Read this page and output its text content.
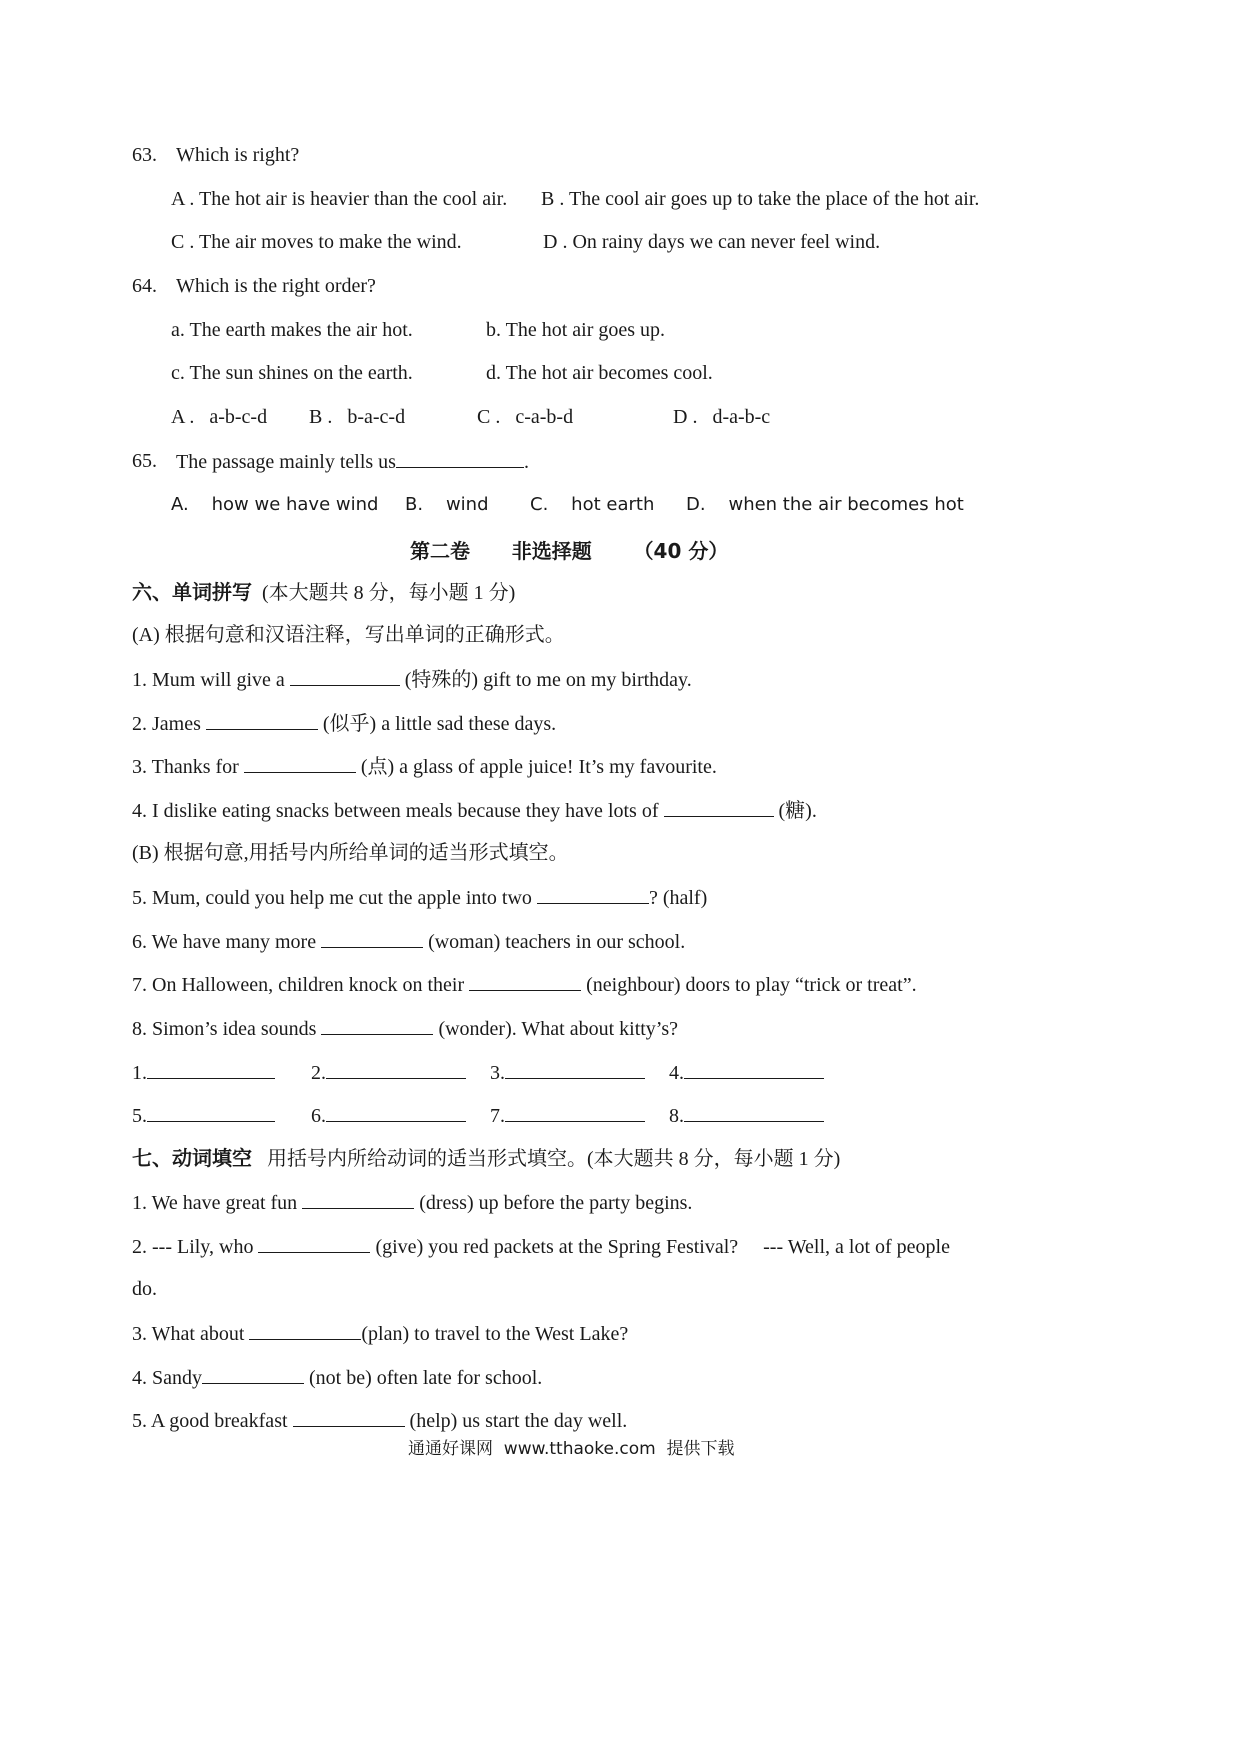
63. Which is right?
A . The hot air is heavier than the cool air. B . The cool air goes up to take the place of the hot air.
C . The air moves to make the wind.	D . On rainy days we can never feel wind.
64. Which is the right order?
a. The earth makes the air hot.	b. The hot air goes up.
c. The sun shines on the earth.	d. The hot air becomes cool.
A .   a-b-c-d B .   b-a-c-d	C .   c-a-b-d	D .   d-a-b-c
65. The passage mainly tells us	.
A.    how we have wind B.    wind C.    hot earth D.    when the air becomes hot
第二卷      非选择题      （40 分）
六、单词拼写  (本大题共 8 分，每小题 1 分)
(A) 根据句意和汉语注释，写出单词的正确形式。
1. Mum will give a	(特殊的) gift to me on my birthday.
2. James	(似乎) a little sad these days.
3. Thanks for	(点) a glass of apple juice! It’s my favourite.
4. I dislike eating snacks between meals because they have lots of	(糖).
(B) 根据句意,用括号内所给单词的适当形式填空。
5. Mum, could you help me cut the apple into two	? (half)
6. We have many more	(woman) teachers in our school.
7. On Halloween, children knock on their	(neighbour) doors to play “trick or treat”.
8. Simon’s idea sounds	(wonder). What about kitty’s?
1.	2.	3.	4.
5.	6.	7.	8.
七、动词填空   用括号内所给动词的适当形式填空。(本大题共 8 分，每小题 1 分)
1. We have great fun	(dress) up before the party begins.
2. --- Lily, who	(give) you red packets at the Spring Festival?     --- Well, a lot of people
do.
3. What about	(plan) to travel to the West Lake?
4. Sandy	(not be) often late for school.
5. A good breakfast	(help) us start the day well.
通通好课网  www.tthaoke.com  提供下载
